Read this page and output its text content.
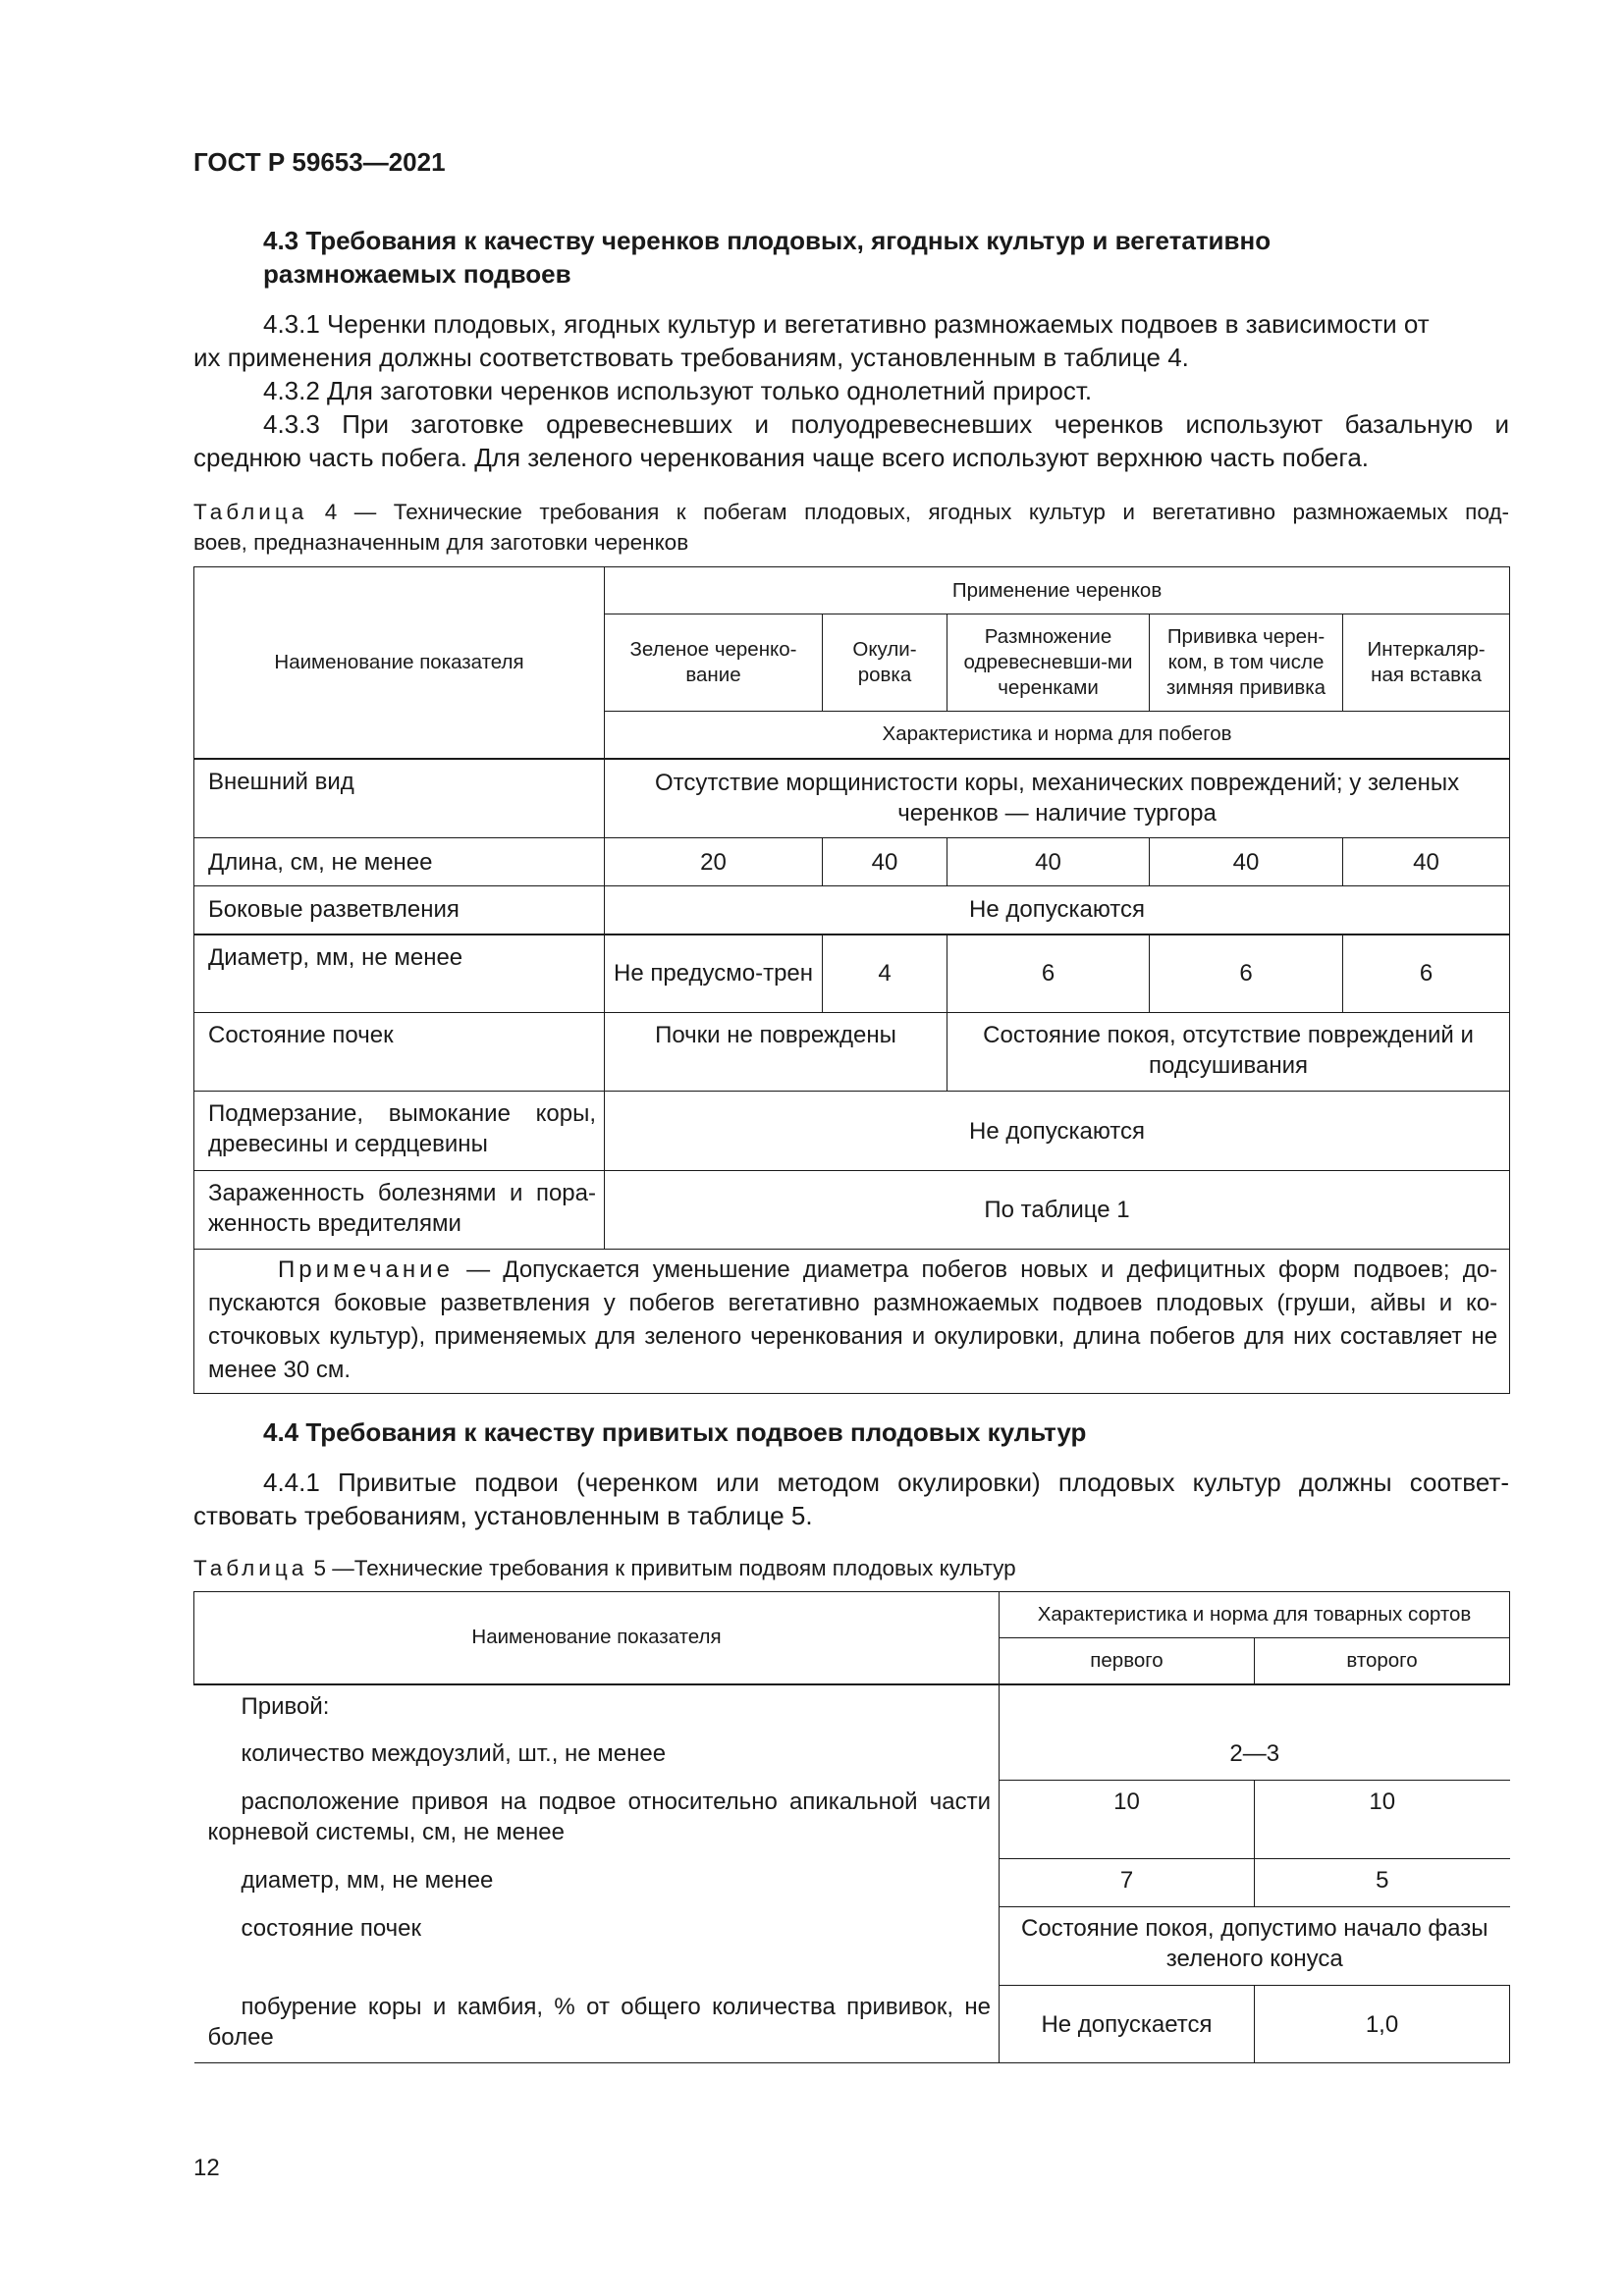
ГОСТ Р 59653—2021
4.3 Требования к качеству черенков плодовых, ягодных культур и вегетативно
размножаемых подвоев
4.3.1 Черенки плодовых, ягодных культур и вегетативно размножаемых подвоев в зависимости от
их применения должны соответствовать требованиям, установленным в таблице 4.
4.3.2 Для заготовки черенков используют только однолетний прирост.
4.3.3 При заготовке одревесневших и полуодревесневших черенков используют базальную и
среднюю часть побега. Для зеленого черенкования чаще всего используют верхнюю часть побега.
Таблица 4 — Технические требования к побегам плодовых, ягодных культур и вегетативно размножаемых под-
воев, предназначенным для заготовки черенков
Наименование показателя	Применение черенков				
	Зеленое черенко-вание	Окули-ровка	Размножение одревесневши-ми черенками	Прививка черен-ком, в том числе зимняя прививка	Интеркаляр-ная вставка
	Характеристика и норма для побегов				
Внешний вид	Отсутствие морщинистости коры, механических повреждений; у зеленых черенков — наличие тургора				
Длина, см, не менее	20	40	40	40	40
Боковые разветвления	Не допускаются				
Диаметр, мм, не менее	Не предусмо-трен	4	6	6	6
Состояние почек	Почки не повреждены		Состояние покоя, отсутствие повреждений и подсушивания		
Подмерзание, вымокание коры, древесины и сердцевины	Не допускаются				
Зараженность болезнями и пора-женность вредителями	По таблице 1				
Примечание — Допускается уменьшение диаметра побегов новых и дефицитных форм подвоев; до-пускаются боковые разветвления у побегов вегетативно размножаемых подвоев плодовых (груши, айвы и ко-сточковых культур), применяемых для зеленого черенкования и окулировки, длина побегов для них составляет не менее 30 см.					
4.4 Требования к качеству привитых подвоев плодовых культур
4.4.1 Привитые подвои (черенком или методом окулировки) плодовых культур должны соответ-
ствовать требованиям, установленным в таблице 5.
Таблица 5 —Технические требования к привитым подвоям плодовых культур
Наименование показателя	Характеристика и норма для товарных сортов	
	первого	второго
Привой:		
количество междоузлий, шт., не менее	2—3	
расположение привоя на подвое относительно апикальной части корневой системы, см, не менее	10	10
диаметр, мм, не менее	7	5
состояние почек	Состояние покоя, допустимо начало фазы зеленого конуса	
побурение коры и камбия, % от общего количества прививок, не более	Не допускается	1,0
12
